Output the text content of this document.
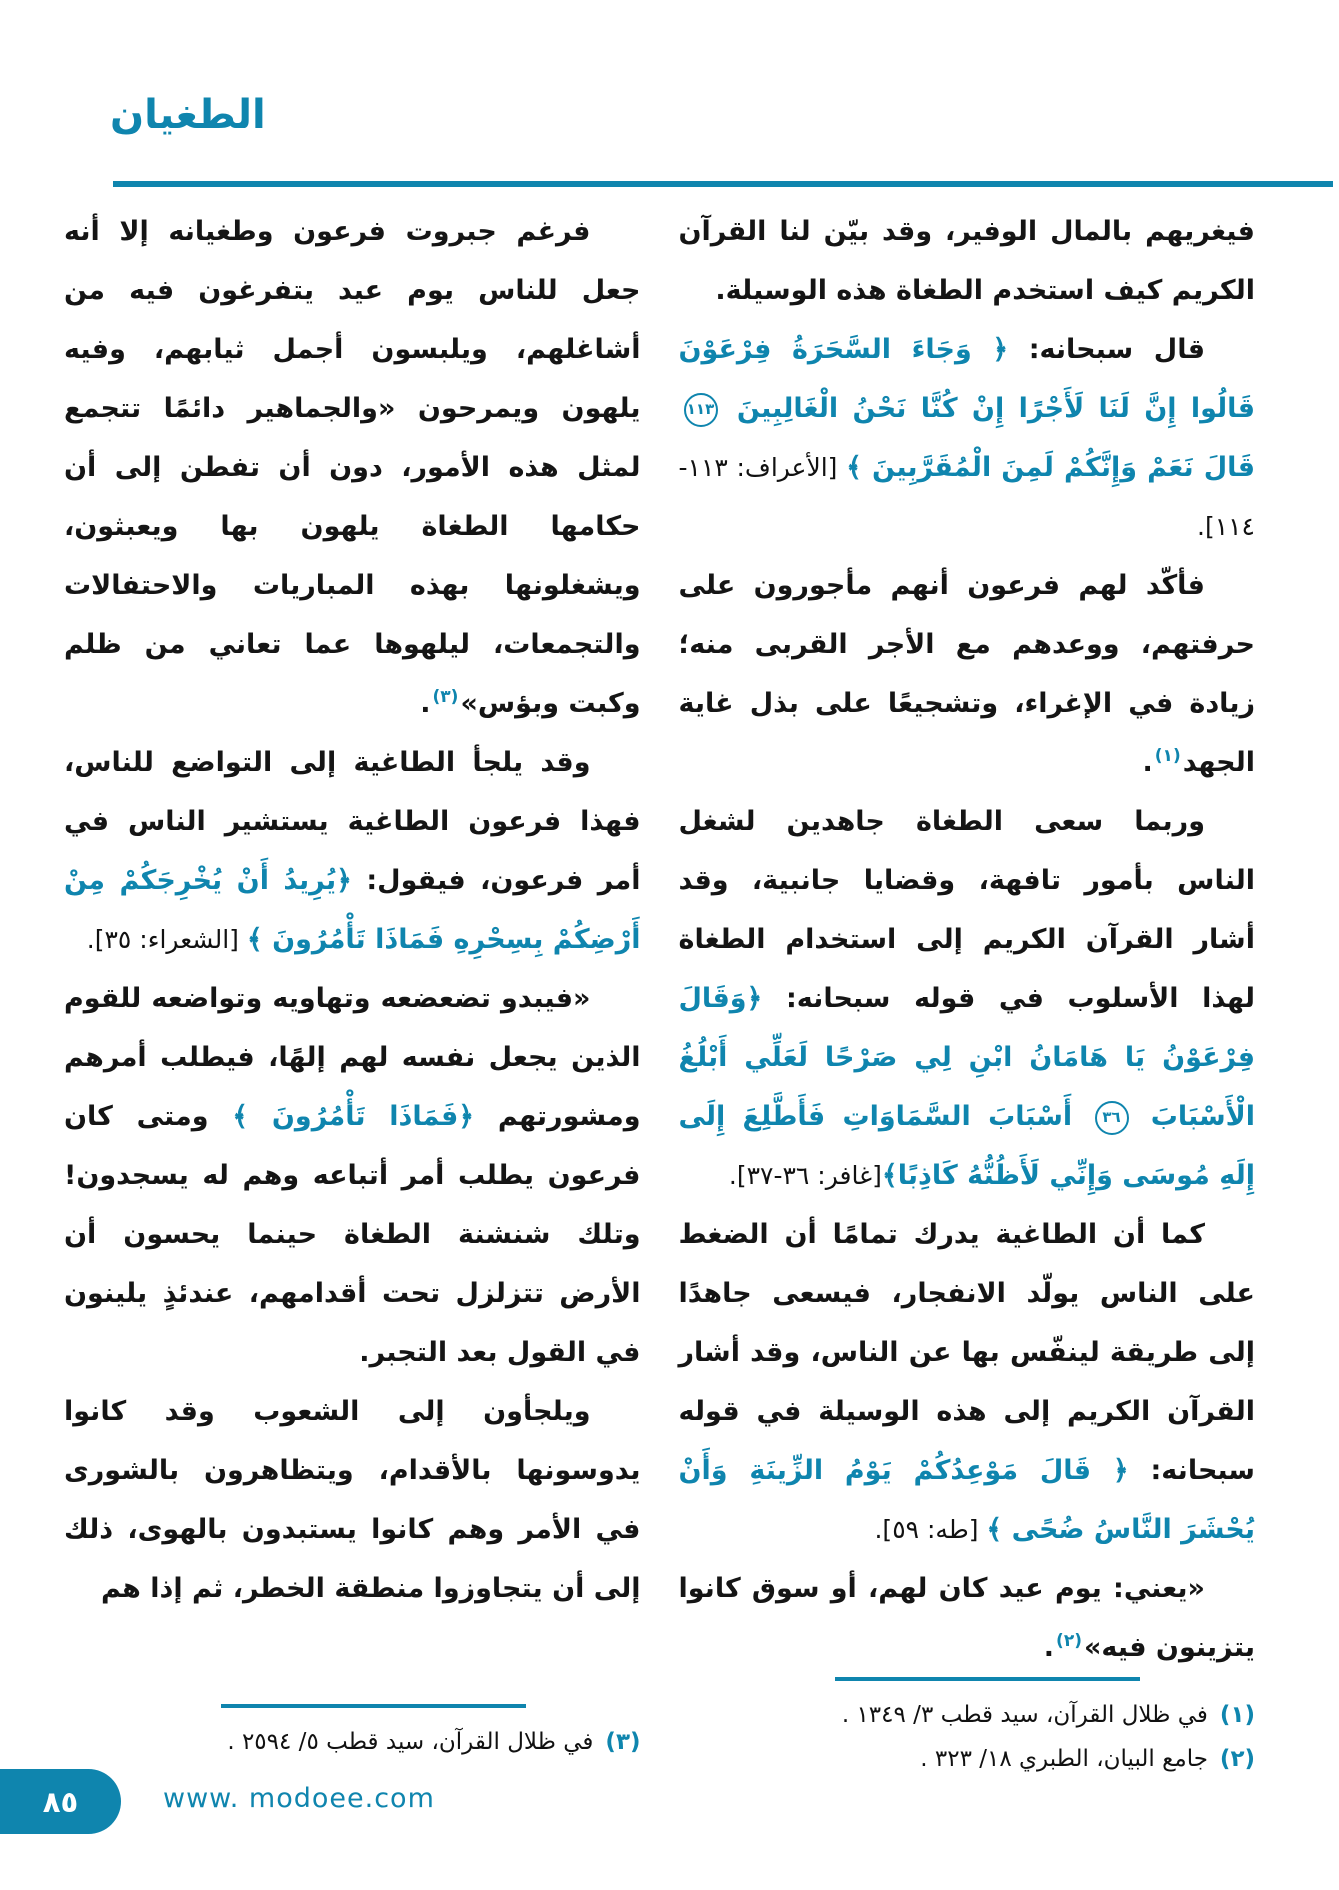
الطغيان

فيغريهم بالمال الوفير، وقد بيّن لنا القرآن الكريم كيف استخدم الطغاة هذه الوسيلة.

قال سبحانه: ﴿ وَجَاءَ السَّحَرَةُ فِرْعَوْنَ قَالُوا إِنَّ لَنَا لَأَجْرًا إِنْ كُنَّا نَحْنُ الْغَالِبِينَ ١١٣ قَالَ نَعَمْ وَإِنَّكُمْ لَمِنَ الْمُقَرَّبِينَ ﴾ [الأعراف: ١١٣- ١١٤].

فأكّد لهم فرعون أنهم مأجورون على حرفتهم، ووعدهم مع الأجر القربى منه؛ زيادة في الإغراء، وتشجيعًا على بذل غاية الجهد$^{(١)}$.

وربما سعى الطغاة جاهدين لشغل الناس بأمور تافهة، وقضايا جانبية، وقد أشار القرآن الكريم إلى استخدام الطغاة لهذا الأسلوب في قوله سبحانه: ﴿وَقَالَ فِرْعَوْنُ يَا هَامَانُ ابْنِ لِي صَرْحًا لَعَلِّي أَبْلُغُ الْأَسْبَابَ ٣٦ أَسْبَابَ السَّمَاوَاتِ فَأَطَّلِعَ إِلَى إِلَهِ مُوسَى وَإِنِّي لَأَظُنُّهُ كَاذِبًا﴾[غافر: ٣٦-٣٧].

كما أن الطاغية يدرك تمامًا أن الضغط على الناس يولّد الانفجار، فيسعى جاهدًا إلى طريقة لينفّس بها عن الناس، وقد أشار القرآن الكريم إلى هذه الوسيلة في قوله سبحانه: ﴿ قَالَ مَوْعِدُكُمْ يَوْمُ الزِّينَةِ وَأَنْ يُحْشَرَ النَّاسُ ضُحًى ﴾ [طه: ٥٩].

«يعني: يوم عيد كان لهم، أو سوق كانوا يتزينون فيه»$^{(٢)}$.

(١)في ظلال القرآن، سيد قطب ٣/ ١٣٤٩ .

(٢)جامع البيان، الطبري ١٨/ ٣٢٣ .

فرغم جبروت فرعون وطغيانه إلا أنه جعل للناس يوم عيد يتفرغون فيه من أشاغلهم، ويلبسون أجمل ثيابهم، وفيه يلهون ويمرحون «والجماهير دائمًا تتجمع لمثل هذه الأمور، دون أن تفطن إلى أن حكامها الطغاة يلهون بها ويعبثون، ويشغلونها بهذه المباريات والاحتفالات والتجمعات، ليلهوها عما تعاني من ظلم وكبت وبؤس»$^{(٣)}$.

وقد يلجأ الطاغية إلى التواضع للناس، فهذا فرعون الطاغية يستشير الناس في أمر فرعون، فيقول: ﴿يُرِيدُ أَنْ يُخْرِجَكُمْ مِنْ أَرْضِكُمْ بِسِحْرِهِ فَمَاذَا تَأْمُرُونَ ﴾ [الشعراء: ٣٥].

«فيبدو تضعضعه وتهاويه وتواضعه للقوم الذين يجعل نفسه لهم إلهًا، فيطلب أمرهم ومشورتهم ﴿فَمَاذَا تَأْمُرُونَ ﴾ ومتى كان فرعون يطلب أمر أتباعه وهم له يسجدون! وتلك شنشنة الطغاة حينما يحسون أن الأرض تتزلزل تحت أقدامهم، عندئذٍ يلينون في القول بعد التجبر.

ويلجأون إلى الشعوب وقد كانوا يدوسونها بالأقدام، ويتظاهرون بالشورى في الأمر وهم كانوا يستبدون بالهوى، ذلك إلى أن يتجاوزوا منطقة الخطر، ثم إذا هم

(٣)في ظلال القرآن، سيد قطب ٥/ ٢٥٩٤ .

٨٥	www. modoee.com
